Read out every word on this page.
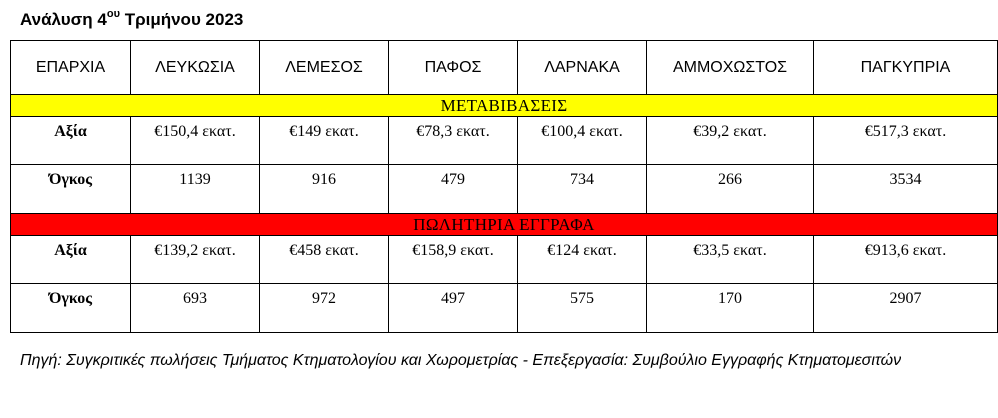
Ανάλυση $4^{o\upsilon}$ Τριμήνου 2023
ΕΠΑΡΧΙΑ	ΛΕΥΚΩΣΙΑ	ΛΕΜΕΣΟΣ	ΠΑΦΟΣ	ΛΑΡΝΑΚΑ	ΑΜΜΟΧΩΣΤΟΣ	ΠΑΓΚΥΠΡΙΑ
ΜΕΤΑΒΙΒΑΣΕΙΣ						
Αξία	€150,4 εκατ.	€149 εκατ.	€78,3 εκατ.	€100,4 εκατ.	€39,2 εκατ.	€517,3 εκατ.
Όγκος	1139	916	479	734	266	3534
ΠΩΛΗΤΗΡΙΑ ΕΓΓΡΑΦΑ						
Αξία	€139,2 εκατ.	€458 εκατ.	€158,9 εκατ.	€124 εκατ.	€33,5 εκατ.	€913,6 εκατ.
Όγκος	693	972	497	575	170	2907
Πηγή: Συγκριτικές πωλήσεις Τμήματος Κτηματολογίου και Χωρομετρίας - Επεξεργασία: Συμβούλιο Εγγραφής Κτηματομεσιτών
